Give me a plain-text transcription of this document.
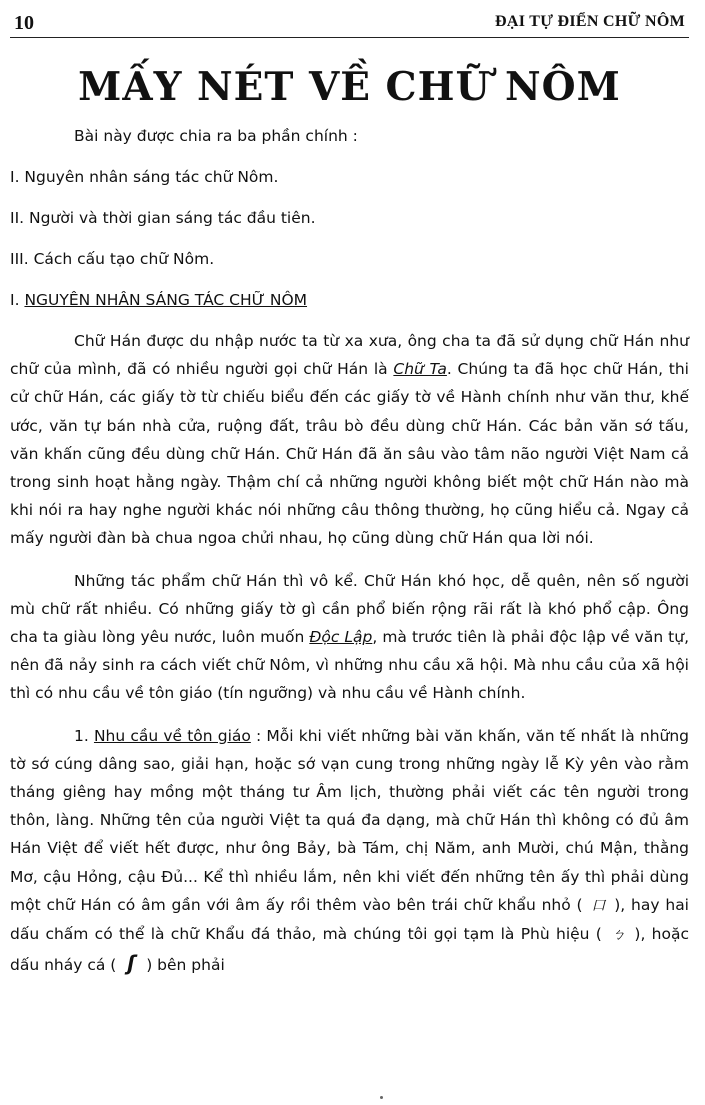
10	ĐẠI TỰ ĐIỂN CHỮ NÔM
MẤY NÉT VỀ CHỮ NÔM

Bài này được chia ra ba phần chính :

I. Nguyên nhân sáng tác chữ Nôm.

II. Người và thời gian sáng tác đầu tiên.

III. Cách cấu tạo chữ Nôm.

I. NGUYÊN NHÂN SÁNG TÁC CHỮ NÔM

Chữ Hán được du nhập nước ta từ xa xưa, ông cha ta đã sử dụng chữ Hán như chữ của mình, đã có nhiều người gọi chữ Hán là Chữ Ta. Chúng ta đã học chữ Hán, thi cử chữ Hán, các giấy tờ từ chiếu biểu đến các giấy tờ về Hành chính như văn thư, khế ước, văn tự bán nhà cửa, ruộng đất, trâu bò đều dùng chữ Hán. Các bản văn sớ tấu, văn khấn cũng đều dùng chữ Hán. Chữ Hán đã ăn sâu vào tâm não người Việt Nam cả trong sinh hoạt hằng ngày. Thậm chí cả những người không biết một chữ Hán nào mà khi nói ra hay nghe người khác nói những câu thông thường, họ cũng hiểu cả. Ngay cả mấy người đàn bà chua ngoa chửi nhau, họ cũng dùng chữ Hán qua lời nói.

Những tác phẩm chữ Hán thì vô kể. Chữ Hán khó học, dễ quên, nên số người mù chữ rất nhiều. Có những giấy tờ gì cần phổ biến rộng rãi rất là khó phổ cập. Ông cha ta giàu lòng yêu nước, luôn muốn Độc Lập, mà trước tiên là phải độc lập về văn tự, nên đã nảy sinh ra cách viết chữ Nôm, vì những nhu cầu xã hội. Mà nhu cầu của xã hội thì có nhu cầu về tôn giáo (tín ngưỡng) và nhu cầu về Hành chính.

1. Nhu cầu về tôn giáo : Mỗi khi viết những bài văn khấn, văn tế nhất là những tờ sớ cúng dâng sao, giải hạn, hoặc sớ vạn cung trong những ngày lễ Kỳ yên vào rằm tháng giêng hay mồng một tháng tư Âm lịch, thường phải viết các tên người trong thôn, làng. Những tên của người Việt ta quá đa dạng, mà chữ Hán thì không có đủ âm Hán Việt để viết hết được, như ông Bảy, bà Tám, chị Năm, anh Mười, chú Mận, thằng Mơ, cậu Hỏng, cậu Đủ... Kể thì nhiều lắm, nên khi viết đến những tên ấy thì phải dùng một chữ Hán có âm gần với âm ấy rồi thêm vào bên trái chữ khẩu nhỏ ( 口 ), hay hai dấu chấm có thể là chữ Khẩu đá thảo, mà chúng tôi gọi tạm là Phù hiệu ( ㄅ ), hoặc dấu nháy cá ( ʃ ) bên phải
